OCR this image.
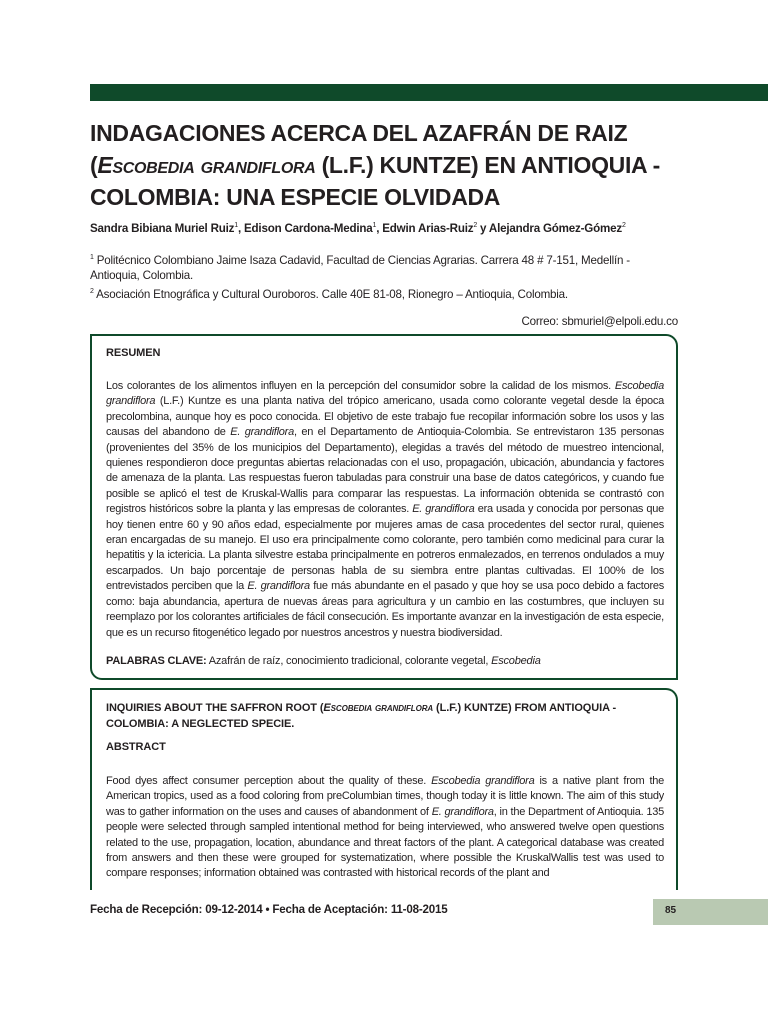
INDAGACIONES ACERCA DEL AZAFRÁN DE RAIZ (Escobedia grandiflora (L.F.) KUNTZE) EN ANTIOQUIA - COLOMBIA: UNA ESPECIE OLVIDADA
Sandra Bibiana Muriel Ruiz$^1$, Edison Cardona-Medina$^1$, Edwin Arias-Ruiz$^2$ y Alejandra Gómez-Gómez$^2$

$^1$ Politécnico Colombiano Jaime Isaza Cadavid, Facultad de Ciencias Agrarias. Carrera 48 # 7-151, Medellín - Antioquia, Colombia.

$^2$ Asociación Etnográfica y Cultural Ouroboros. Calle 40E 81-08, Rionegro – Antioquia, Colombia.

Correo: sbmuriel@elpoli.edu.co
RESUMEN
Los colorantes de los alimentos influyen en la percepción del consumidor sobre la calidad de los mismos. Escobedia grandiflora (L.F.) Kuntze es una planta nativa del trópico americano, usada como colorante vegetal desde la época precolombina, aunque hoy es poco conocida. El objetivo de este trabajo fue recopilar información sobre los usos y las causas del abandono de E. grandiflora, en el Departamento de Antioquia-Colombia. Se entrevistaron 135 personas (provenientes del 35% de los municipios del Departamento), elegidas a través del método de muestreo intencional, quienes respondieron doce preguntas abiertas relacionadas con el uso, propagación, ubicación, abundancia y factores de amenaza de la planta. Las respuestas fueron tabuladas para construir una base de datos categóricos, y cuando fue posible se aplicó el test de Kruskal-Wallis para comparar las respuestas. La información obtenida se contrastó con registros históricos sobre la planta y las empresas de colorantes. E. grandiflora era usada y conocida por personas que hoy tienen entre 60 y 90 años edad, especialmente por mujeres amas de casa procedentes del sector rural, quienes eran encargadas de su manejo. El uso era principalmente como colorante, pero también como medicinal para curar la hepatitis y la ictericia. La planta silvestre estaba principalmente en potreros enmalezados, en terrenos ondulados a muy escarpados. Un bajo porcentaje de personas habla de su siembra entre plantas cultivadas. El 100% de los entrevistados perciben que la E. grandiflora fue más abundante en el pasado y que hoy se usa poco debido a factores como: baja abundancia, apertura de nuevas áreas para agricultura y un cambio en las costumbres, que incluyen su reemplazo por los colorantes artificiales de fácil consecución. Es importante avanzar en la investigación de esta especie, que es un recurso fitogenético legado por nuestros ancestros y nuestra biodiversidad.
PALABRAS CLAVE: Azafrán de raíz, conocimiento tradicional, colorante vegetal, Escobedia
INQUIRIES ABOUT THE SAFFRON ROOT (Escobedia grandiflora (L.F.) KUNTZE) FROM ANTIOQUIA - COLOMBIA: A NEGLECTED SPECIE.
ABSTRACT
Food dyes affect consumer perception about the quality of these. Escobedia grandiflora is a native plant from the American tropics, used as a food coloring from preColumbian times, though today it is little known. The aim of this study was to gather information on the uses and causes of abandonment of E. grandiflora, in the Department of Antioquia. 135 people were selected through sampled intentional method for being interviewed, who answered twelve open questions related to the use, propagation, location, abundance and threat factors of the plant. A categorical database was created from answers and then these were grouped for systematization, where possible the KruskalWallis test was used to compare responses; information obtained was contrasted with historical records of the plant and
Fecha de Recepción: 09-12-2014 • Fecha de Aceptación: 11-08-2015	85
